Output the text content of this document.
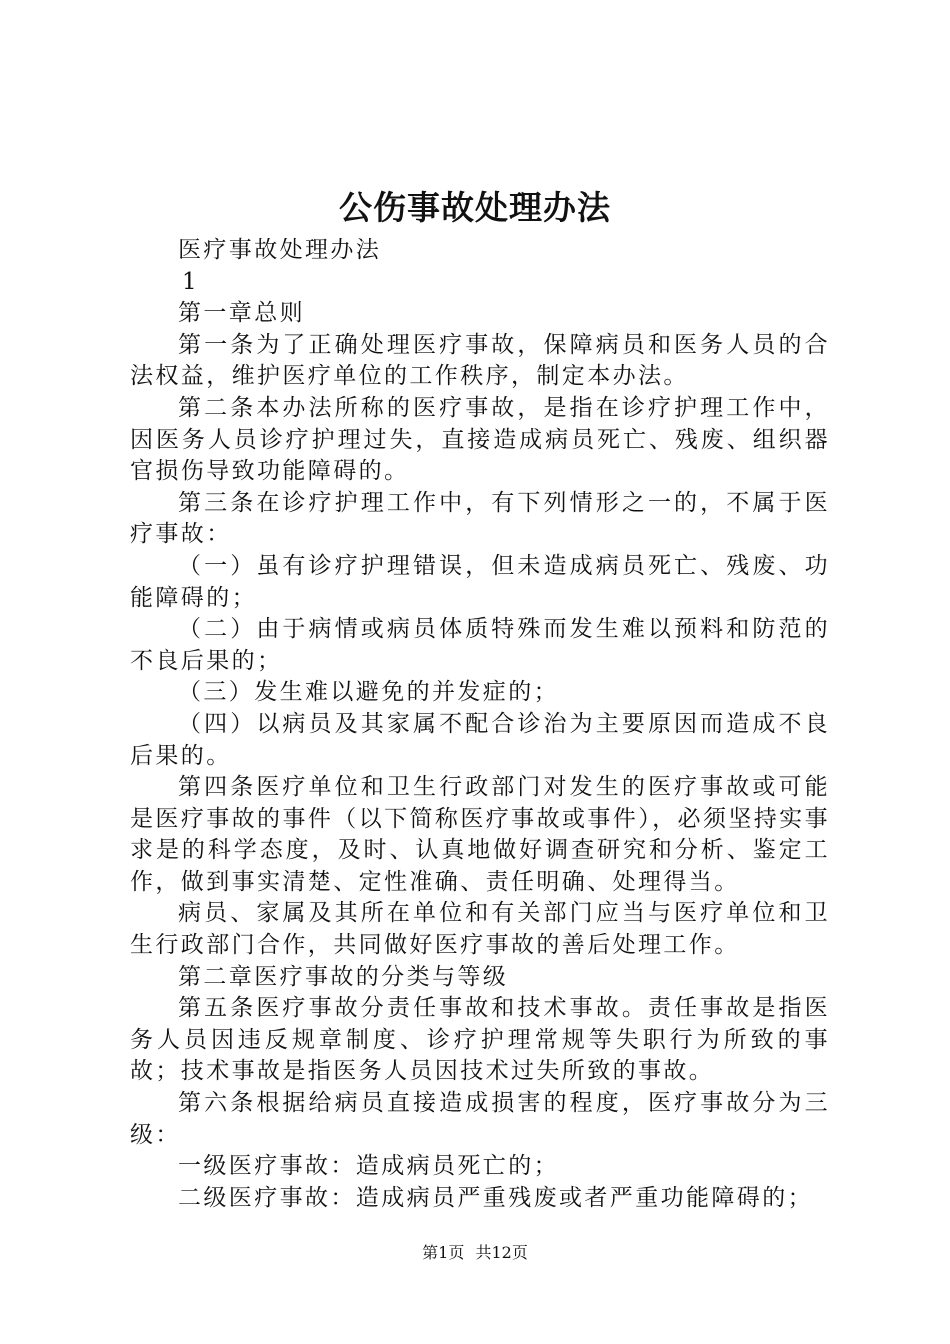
公伤事故处理办法

医疗事故处理办法

1

第一章总则

第一条为了正确处理医疗事故，保障病员和医务人员的合法权益，维护医疗单位的工作秩序，制定本办法。

第二条本办法所称的医疗事故，是指在诊疗护理工作中，因医务人员诊疗护理过失，直接造成病员死亡、残废、组织器官损伤导致功能障碍的。

第三条在诊疗护理工作中，有下列情形之一的，不属于医疗事故：

（一）虽有诊疗护理错误，但未造成病员死亡、残废、功能障碍的；

（二）由于病情或病员体质特殊而发生难以预料和防范的不良后果的；

（三）发生难以避免的并发症的；

（四）以病员及其家属不配合诊治为主要原因而造成不良后果的。

第四条医疗单位和卫生行政部门对发生的医疗事故或可能是医疗事故的事件（以下简称医疗事故或事件），必须坚持实事求是的科学态度，及时、认真地做好调查研究和分析、鉴定工作，做到事实清楚、定性准确、责任明确、处理得当。

病员、家属及其所在单位和有关部门应当与医疗单位和卫生行政部门合作，共同做好医疗事故的善后处理工作。

第二章医疗事故的分类与等级

第五条医疗事故分责任事故和技术事故。责任事故是指医务人员因违反规章制度、诊疗护理常规等失职行为所致的事故；技术事故是指医务人员因技术过失所致的事故。

第六条根据给病员直接造成损害的程度，医疗事故分为三级：

一级医疗事故：造成病员死亡的；

二级医疗事故：造成病员严重残废或者严重功能障碍的；

第1页 共12页
